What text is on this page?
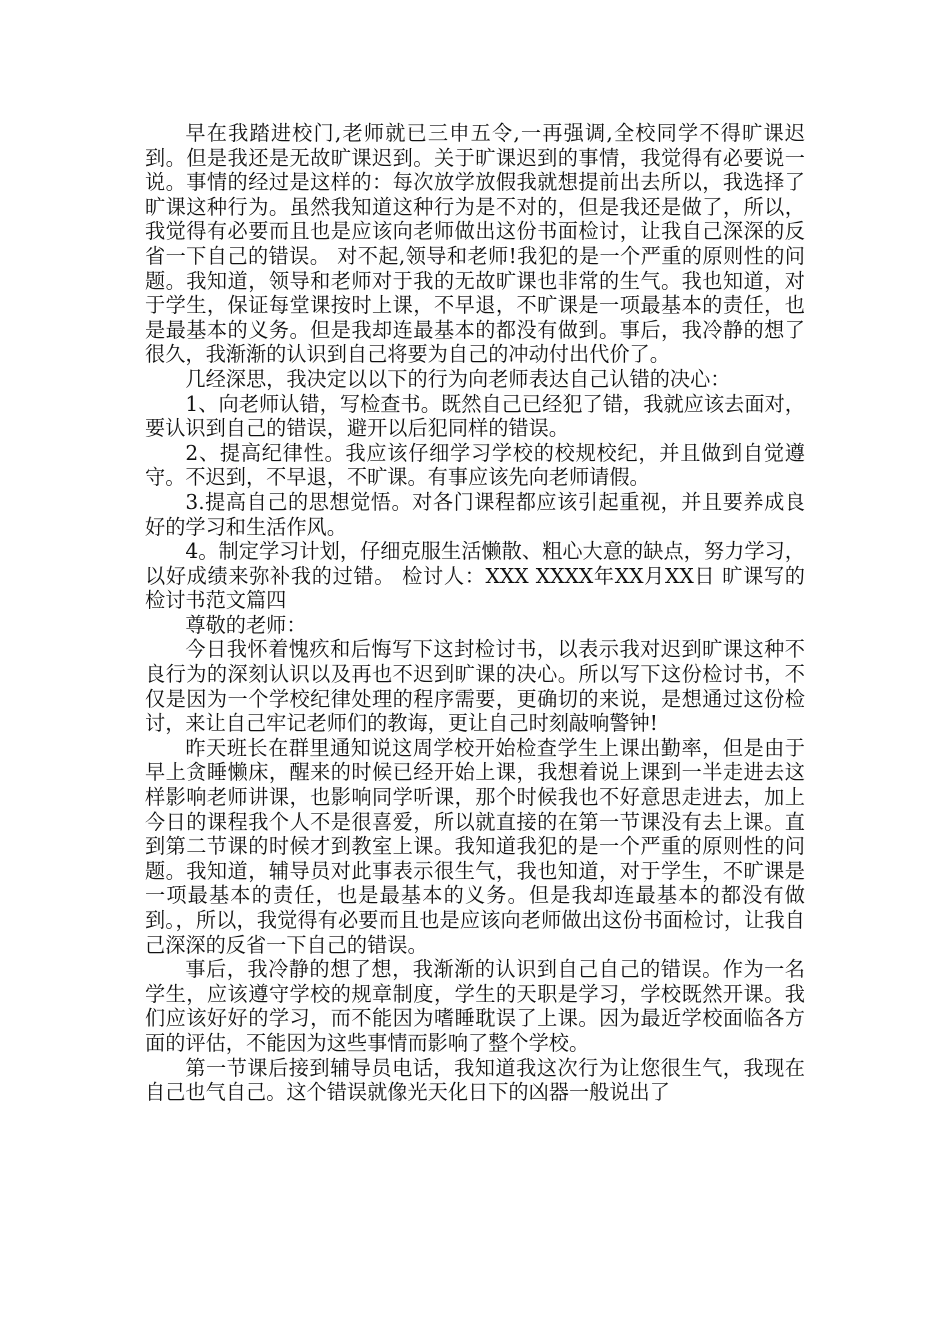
早在我踏进校门,老师就已三申五令,一再强调,全校同学不得旷课迟到。但是我还是无故旷课迟到。关于旷课迟到的事情，我觉得有必要说一说。事情的经过是这样的：每次放学放假我就想提前出去所以，我选择了旷课这种行为。虽然我知道这种行为是不对的，但是我还是做了，所以，我觉得有必要而且也是应该向老师做出这份书面检讨，让我自己深深的反省一下自己的错误。 对不起,领导和老师!我犯的是一个严重的原则性的问题。我知道，领导和老师对于我的无故旷课也非常的生气。我也知道，对于学生，保证每堂课按时上课，不早退，不旷课是一项最基本的责任，也是最基本的义务。但是我却连最基本的都没有做到。事后，我冷静的想了很久，我渐渐的认识到自己将要为自己的冲动付出代价了。

几经深思，我决定以以下的行为向老师表达自己认错的决心：

1、向老师认错，写检查书。既然自己已经犯了错，我就应该去面对，要认识到自己的错误，避开以后犯同样的错误。

2、提高纪律性。我应该仔细学习学校的校规校纪，并且做到自觉遵守。不迟到，不早退，不旷课。有事应该先向老师请假。

3.提高自己的思想觉悟。对各门课程都应该引起重视，并且要养成良好的学习和生活作风。

4。制定学习计划，仔细克服生活懒散、粗心大意的缺点，努力学习，以好成绩来弥补我的过错。 检讨人：XXX XXXX年XX月XX日 旷课写的检讨书范文篇四

尊敬的老师：

今日我怀着愧疚和后悔写下这封检讨书，以表示我对迟到旷课这种不良行为的深刻认识以及再也不迟到旷课的决心。所以写下这份检讨书，不仅是因为一个学校纪律处理的程序需要，更确切的来说，是想通过这份检讨，来让自己牢记老师们的教诲，更让自己时刻敲响警钟!

昨天班长在群里通知说这周学校开始检查学生上课出勤率，但是由于早上贪睡懒床，醒来的时候已经开始上课，我想着说上课到一半走进去这样影响老师讲课，也影响同学听课，那个时候我也不好意思走进去，加上今日的课程我个人不是很喜爱，所以就直接的在第一节课没有去上课。直到第二节课的时候才到教室上课。我知道我犯的是一个严重的原则性的问题。我知道，辅导员对此事表示很生气，我也知道，对于学生，不旷课是一项最基本的责任，也是最基本的义务。但是我却连最基本的都没有做到。，所以，我觉得有必要而且也是应该向老师做出这份书面检讨，让我自己深深的反省一下自己的错误。

事后，我冷静的想了想，我渐渐的认识到自己自己的错误。作为一名学生，应该遵守学校的规章制度，学生的天职是学习，学校既然开课。我们应该好好的学习，而不能因为嗜睡耽误了上课。因为最近学校面临各方面的评估，不能因为这些事情而影响了整个学校。

第一节课后接到辅导员电话，我知道我这次行为让您很生气，我现在自己也气自己。这个错误就像光天化日下的凶器一般说出了
